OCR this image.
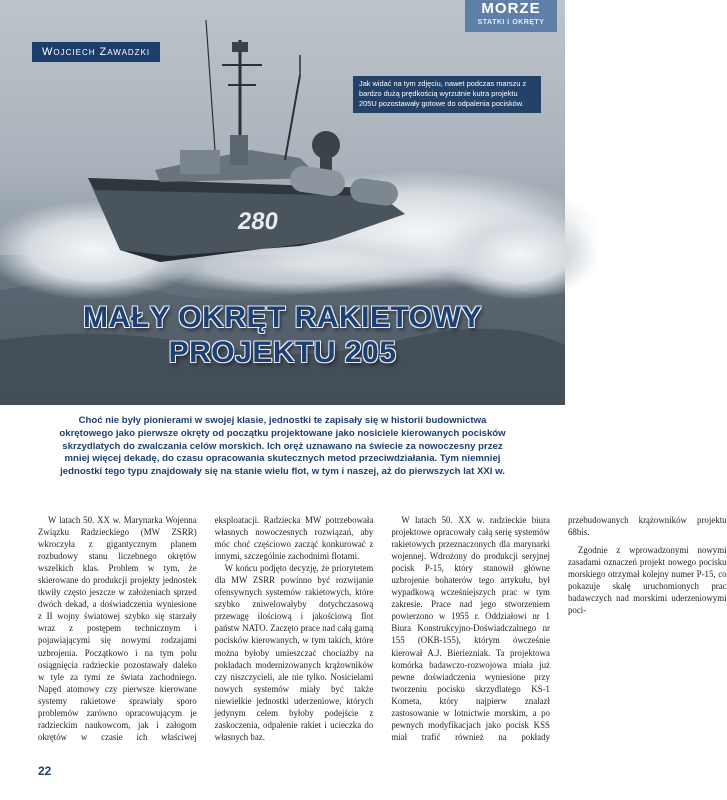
280
MORZE
STATKI I OKRĘTY
Wojciech Zawadzki
Jak widać na tym zdjęciu, nawet podczas marszu z bardzo dużą prędkością wyrzutnie kutra projektu 205U pozostawały gotowe do odpalenia pocisków.
MAŁY OKRĘT RAKIETOWY
PROJEKTU 205
Choć nie były pionierami w swojej klasie, jednostki te zapisały się w historii budownictwa okrętowego jako pierwsze okręty od początku projektowane jako nosiciele kierowanych pocisków skrzydlatych do zwalczania celów morskich. Ich oręż uznawano na świecie za nowoczesny przez mniej więcej dekadę, do czasu opracowania skutecznych metod przeciwdziałania. Tym niemniej jednostki tego typu znajdowały się na stanie wielu flot, w tym i naszej, aż do pierwszych lat XXI w.

W latach 50. XX w. Marynarka Wojenna Związku Radzieckiego (MW ZSRR) wkroczyła z gigantycznym planem rozbudowy stanu liczebnego okrętów wszelkich klas. Problem w tym, że skierowane do produkcji projekty jednostek tkwiły często jeszcze w założeniach sprzed dwóch dekad, a doświadczenia wyniesione z II wojny światowej szybko się starzały wraz z postępem technicznym i pojawiającymi się nowymi rodzajami uzbrojenia. Początkowo i na tym polu osiągnięcia radzieckie pozostawały daleko w tyle za tymi ze świata zachodniego. Napęd atomowy czy pierwsze kierowane systemy rakietowe sprawiały sporo problemów zarówno opracowującym je radzieckim naukowcom, jak i załogom okrętów w czasie ich właściwej eksploatacji. Radziecka MW potrzebowała własnych nowoczesnych rozwiązań, aby móc choć częściowo zacząć konkurować z innymi, szczególnie zachodnimi flotami.

W końcu podjęto decyzję, że priorytetem dla MW ZSRR powinno być rozwijanie ofensywnych systemów rakietowych, które szybko zniwelowałyby dotychczasową przewagę ilościową i jakościową flot państw NATO. Zaczęto prace nad całą gamą pocisków kierowanych, w tym takich, które można byłoby umieszczać chociażby na pokładach modernizowanych krążowników czy niszczycieli, ale nie tylko. Nosicielami nowych systemów miały być także niewielkie jednostki uderzeniowe, których jedynym celem byłoby podejście z zaskoczenia, odpalenie rakiet i ucieczka do własnych baz.

W latach 50. XX w. radzieckie biura projektowe opracowały całą serię systemów rakietowych przeznaczonych dla marynarki wojennej. Wdrożony do produkcji seryjnej pocisk P-15, który stanowił główne uzbrojenie bohaterów tego artykułu, był wypadkową wcześniejszych prac w tym zakresie. Prace nad jego stworzeniem powierzono w 1955 r. Oddziałowi nr 1 Biura Konstrukcyjno-Doświadczalnego nr 155 (OKB-155), którym ówcześnie kierował A.J. Bieriezniak. Ta projektowa komórka badawczo-rozwojowa miała już pewne doświadczenia wyniesione przy tworzeniu pocisku skrzydlatego KS-1 Kometa, który najpierw znalazł zastosowanie w lotnictwie morskim, a po pewnych modyfikacjach jako pocisk KSS miał trafić również na pokłady przebudowanych krążowników projektu 68bis.

Zgodnie z wprowadzonymi nowymi zasadami oznaczeń projekt nowego pocisku morskiego otrzymał kolejny numer P-15, co pokazuje skalę uruchomionych prac badawczych nad morskimi uderzeniowymi poci-

22
